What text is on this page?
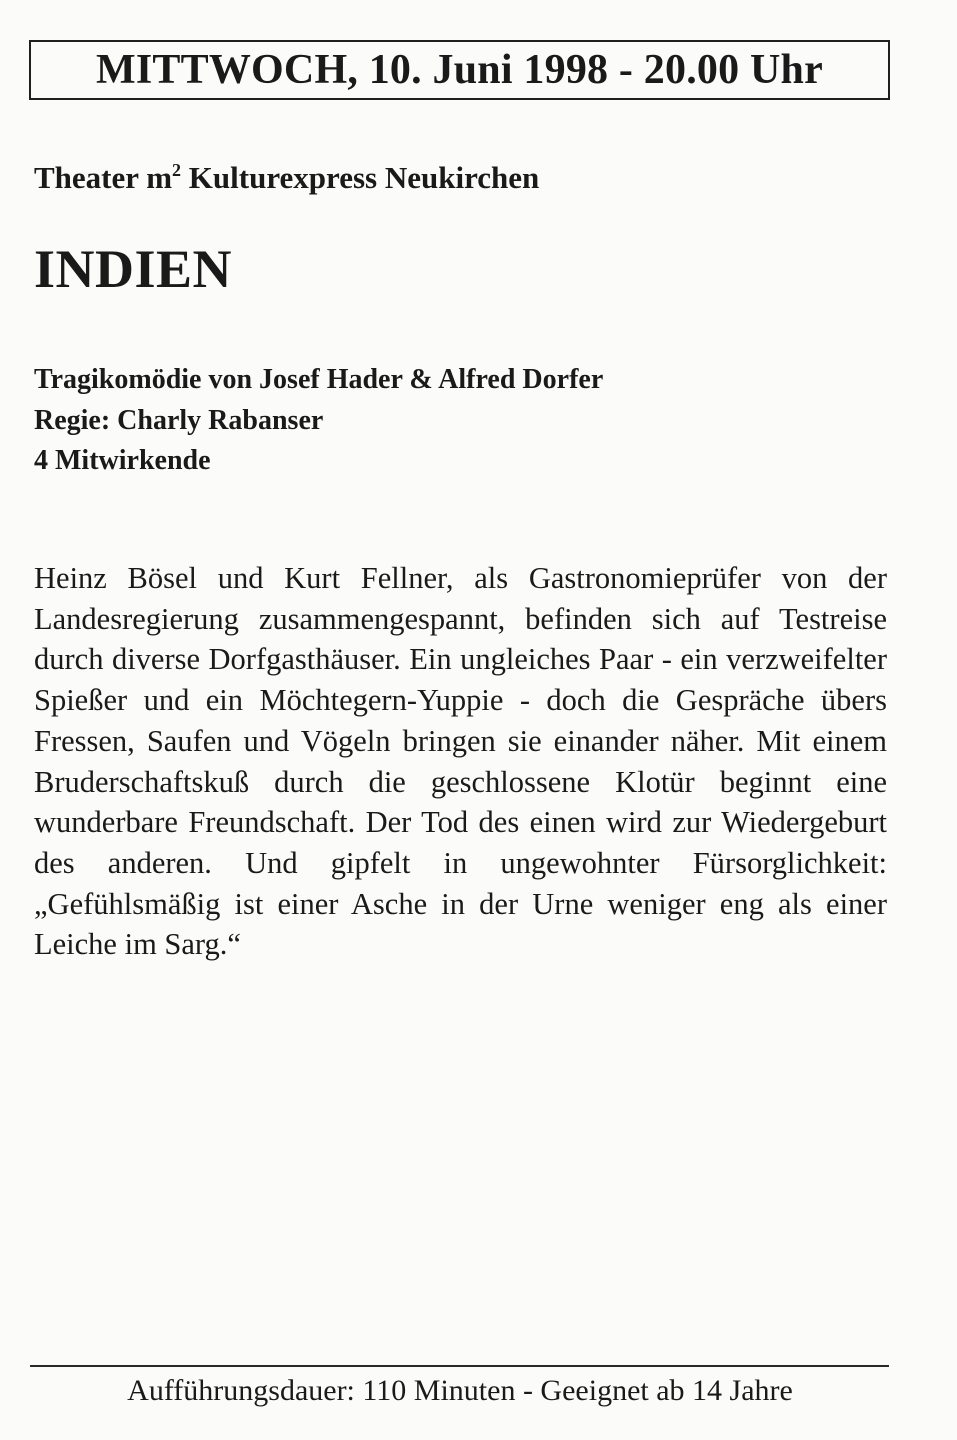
MITTWOCH, 10. Juni 1998 - 20.00 Uhr
Theater $m^2$ Kulturexpress Neukirchen
INDIEN
Tragikomödie von Josef Hader & Alfred Dorfer
Regie: Charly Rabanser
4 Mitwirkende
Heinz Bösel und Kurt Fellner, als Gastronomieprüfer von der Landesregierung zusammengespannt, befinden sich auf Testreise durch diverse Dorfgasthäuser. Ein ungleiches Paar - ein verzweifelter Spießer und ein Möchtegern-Yuppie - doch die Gespräche übers Fressen, Saufen und Vögeln bringen sie einander näher. Mit einem Bruderschaftskuß durch die geschlossene Klotür beginnt eine wunderbare Freundschaft. Der Tod des einen wird zur Wiedergeburt des anderen. Und gipfelt in ungewohnter Fürsorglichkeit: „Gefühlsmäßig ist einer Asche in der Urne weniger eng als einer Leiche im Sarg.“
Aufführungsdauer: 110 Minuten - Geeignet ab 14 Jahre
